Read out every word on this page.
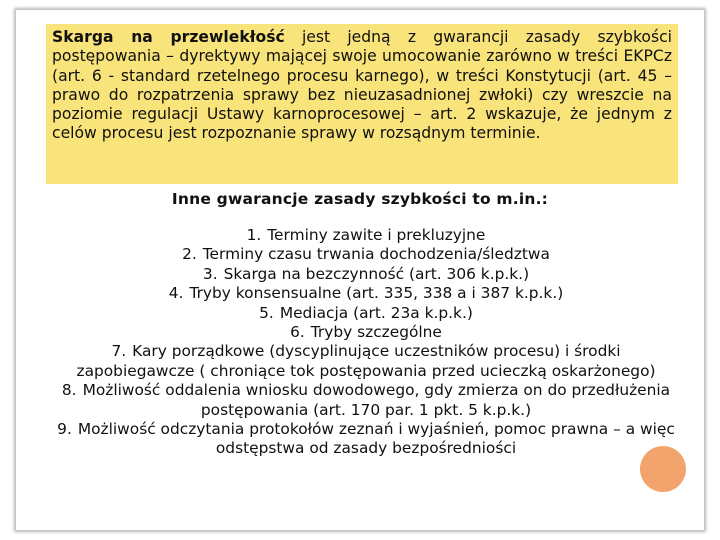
Skarga na przewlekłość jest jedną z gwarancji zasady szybkości postępowania – dyrektywy mającej swoje umocowanie zarówno w treści EKPCz (art. 6 - standard rzetelnego procesu karnego), w treści Konstytucji (art. 45 – prawo do rozpatrzenia sprawy bez nieuzasadnionej zwłoki) czy wreszcie na poziomie regulacji Ustawy karnoprocesowej – art. 2 wskazuje, że jednym z celów procesu jest rozpoznanie sprawy w rozsądnym terminie.
Inne gwarancje zasady szybkości to m.in.:
1. Terminy zawite i prekluzyjne
2. Terminy czasu trwania dochodzenia/śledztwa
3. Skarga na bezczynność (art. 306 k.p.k.)
4. Tryby konsensualne (art. 335, 338 a i 387 k.p.k.)
5. Mediacja (art. 23a k.p.k.)
6. Tryby szczególne
7. Kary porządkowe (dyscyplinujące uczestników procesu) i środki zapobiegawcze ( chroniące tok postępowania przed ucieczką oskarżonego)
8. Możliwość oddalenia wniosku dowodowego, gdy zmierza on do przedłużenia postępowania (art. 170 par. 1 pkt. 5 k.p.k.)
9. Możliwość odczytania protokołów zeznań i wyjaśnień, pomoc prawna – a więc odstępstwa od zasady bezpośredniości
